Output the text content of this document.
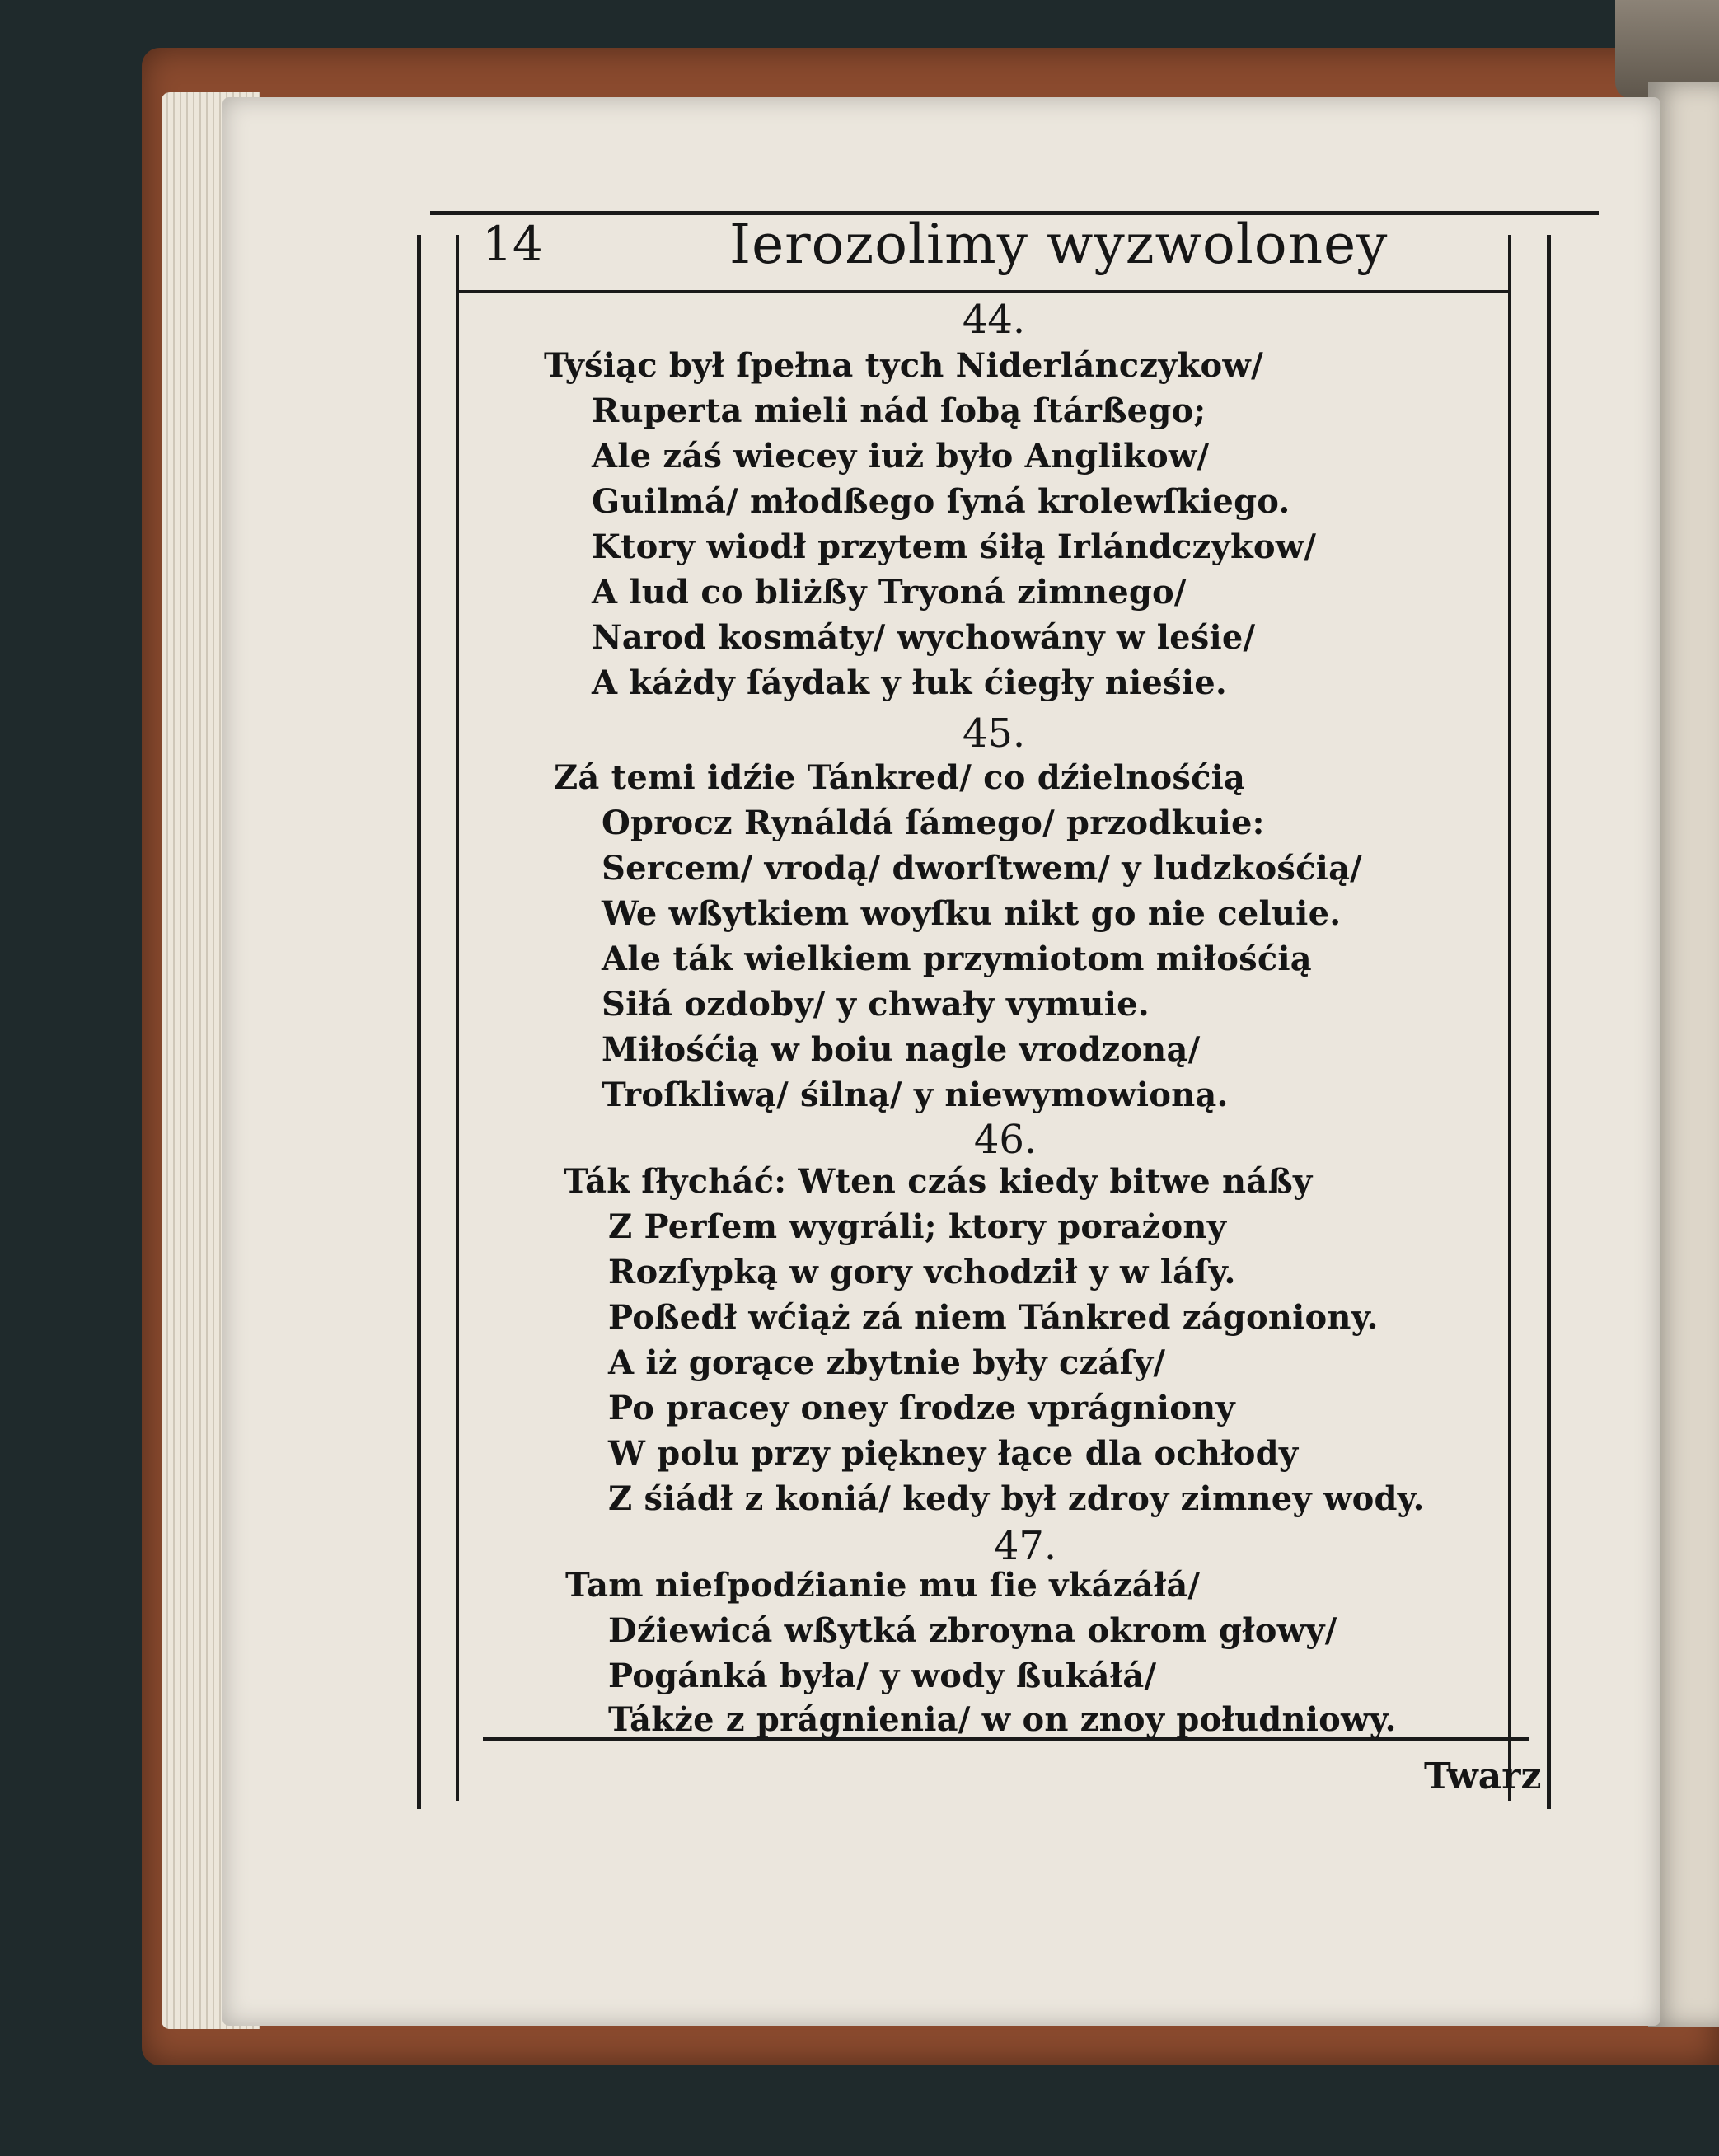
14	Ierozolimy wyzwoloney
44.
Tyśiąc był ſpełna tych Niderlánczykow/
Ruperta mieli nád ſobą ſtárßego;
Ale záś wiecey iuż było Anglikow/
Guilmá/ młodßego ſyná krolewſkiego.
Ktory wiodł przytem śiłą Irlándczykow/
A lud co bliżßy Tryoná zimnego/
Narod kosmáty/ wychowány w leśie/
A káżdy ſáydak y łuk ćiegły nieśie.
45.
Zá temi idźie Tánkred/ co dźielnośćią
Oprocz Rynáldá ſámego/ przodkuie:
Sercem/ vrodą/ dworſtwem/ y ludzkośćią/
We wßytkiem woyſku nikt go nie celuie.
Ale ták wielkiem przymiotom miłośćią
Siłá ozdoby/ y chwały vymuie.
Miłośćią w boiu nagle vrodzoną/
Troſkliwą/ śilną/ y niewymowioną.
46.
Ták ſłycháć: Wten czás kiedy bitwe náßy
Z Perſem wygráli; ktory porażony
Rozſypką w gory vchodził y w láſy.
Poßedł wćiąż zá niem Tánkred zágoniony.
A iż gorące zbytnie były czáſy/
Po pracey oney ſrodze vprágniony
W polu przy piękney łące dla ochłody
Z śiádł z koniá/ kedy był zdroy zimney wody.
47.
Tam nieſpodźianie mu ſie vkázáłá/
Dźiewicá wßytká zbroyna okrom głowy/
Pogánká była/ y wody ßukáłá/
Tákże z prágnienia/ w on znoy południowy.
Twarz
